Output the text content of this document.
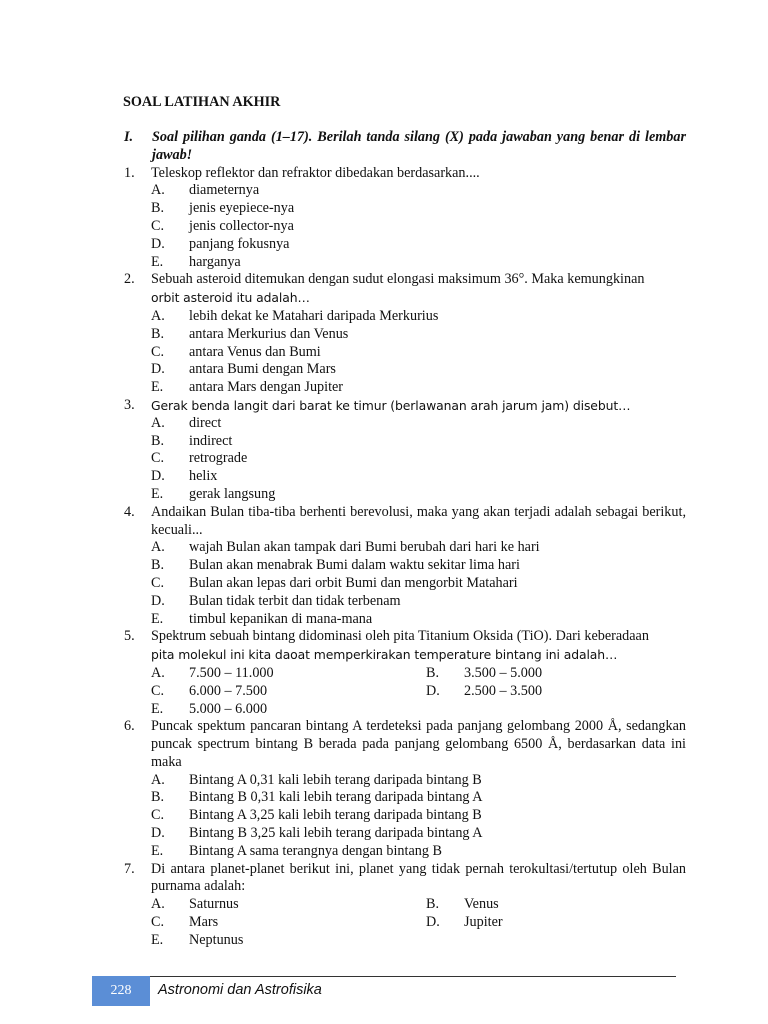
SOAL LATIHAN AKHIR
I.	Soal pilihan ganda (1–17). Berilah tanda silang (X) pada jawaban yang benar di lembar jawab!
1.	Teleskop reflektor dan refraktor dibedakan berdasarkan....
A.	diameternya
B.	jenis eyepiece-nya
C.	jenis collector-nya
D.	panjang fokusnya
E.	harganya
2.	Sebuah asteroid ditemukan dengan sudut elongasi maksimum 36°. Maka kemungkinan
orbit asteroid itu adalah…
A.	lebih dekat ke Matahari daripada Merkurius
B.	antara Merkurius dan Venus
C.	antara Venus dan Bumi
D.	antara Bumi dengan Mars
E.	antara Mars dengan Jupiter
3.	Gerak benda langit dari barat ke timur (berlawanan arah jarum jam) disebut…
A.	direct
B.	indirect
C.	retrograde
D.	helix
E.	gerak langsung
4.	Andaikan Bulan tiba-tiba berhenti berevolusi, maka yang akan terjadi adalah sebagai berikut, kecuali...
A.	wajah Bulan akan tampak dari Bumi berubah dari hari ke hari
B.	Bulan akan menabrak Bumi dalam waktu sekitar lima hari
C.	Bulan akan lepas dari orbit Bumi dan mengorbit Matahari
D.	Bulan tidak terbit dan tidak terbenam
E.	timbul kepanikan di mana-mana
5.	Spektrum sebuah bintang didominasi oleh pita Titanium Oksida (TiO). Dari keberadaan
pita molekul ini kita daoat memperkirakan temperature bintang ini adalah…
A.	7.500 – 11.000	B.	3.500 – 5.000
C.	6.000 – 7.500	D.	2.500 – 3.500
E.	5.000 – 6.000
6.	Puncak spektum pancaran bintang A terdeteksi pada panjang gelombang 2000 Å, sedangkan puncak spectrum bintang B berada pada panjang gelombang 6500 Å, berdasarkan data ini maka
A.	Bintang A 0,31 kali lebih terang daripada bintang B
B.	Bintang B 0,31 kali lebih terang daripada bintang A
C.	Bintang A 3,25 kali lebih terang daripada bintang B
D.	Bintang B 3,25 kali lebih terang daripada bintang A
E.	Bintang A sama terangnya dengan bintang B
7.	Di antara planet-planet berikut ini, planet yang tidak pernah terokultasi/tertutup oleh Bulan purnama adalah:
A.	Saturnus	B.	Venus
C.	Mars	D.	Jupiter
E.	Neptunus
228	Astronomi dan Astrofisika
